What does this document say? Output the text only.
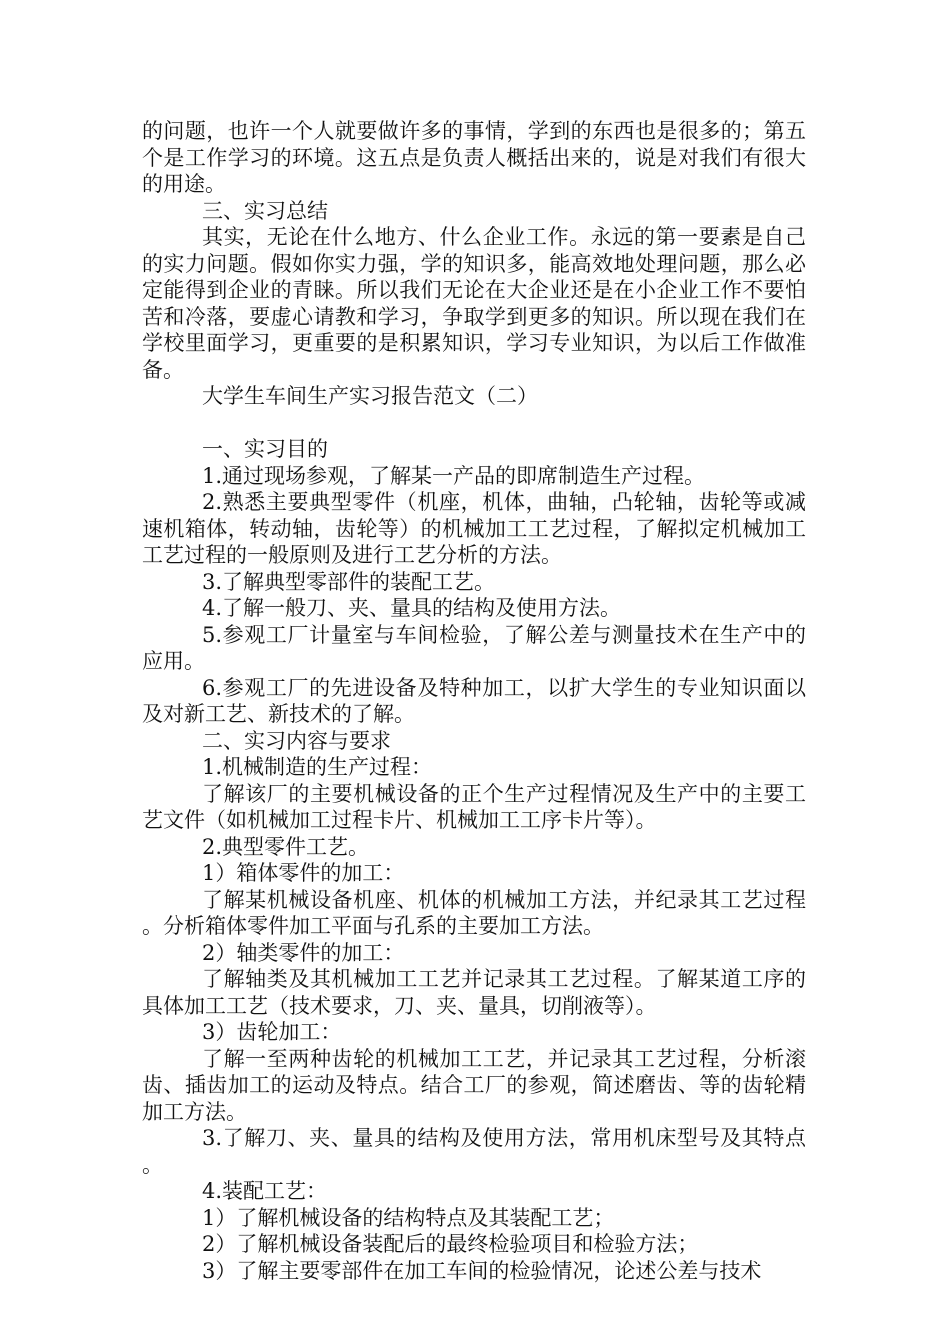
的问题，也许一个人就要做许多的事情，学到的东西也是很多的；第五个是工作学习的环境。这五点是负责人概括出来的，说是对我们有很大的用途。

三、实习总结

其实，无论在什么地方、什么企业工作。永远的第一要素是自己的实力问题。假如你实力强，学的知识多，能高效地处理问题，那么必定能得到企业的青睐。所以我们无论在大企业还是在小企业工作不要怕苦和冷落，要虚心请教和学习，争取学到更多的知识。所以现在我们在学校里面学习，更重要的是积累知识，学习专业知识，为以后工作做准备。

大学生车间生产实习报告范文（二）

一、实习目的

1.通过现场参观，了解某一产品的即席制造生产过程。

2.熟悉主要典型零件（机座，机体，曲轴，凸轮轴，齿轮等或减速机箱体，转动轴，齿轮等）的机械加工工艺过程，了解拟定机械加工工艺过程的一般原则及进行工艺分析的方法。

3.了解典型零部件的装配工艺。

4.了解一般刀、夹、量具的结构及使用方法。

5.参观工厂计量室与车间检验，了解公差与测量技术在生产中的应用。

6.参观工厂的先进设备及特种加工，以扩大学生的专业知识面以及对新工艺、新技术的了解。

二、实习内容与要求

1.机械制造的生产过程：

了解该厂的主要机械设备的正个生产过程情况及生产中的主要工艺文件（如机械加工过程卡片、机械加工工序卡片等）。

2.典型零件工艺。

1）箱体零件的加工：

了解某机械设备机座、机体的机械加工方法，并纪录其工艺过程。分析箱体零件加工平面与孔系的主要加工方法。

2）轴类零件的加工：

了解轴类及其机械加工工艺并记录其工艺过程。了解某道工序的具体加工工艺（技术要求，刀、夹、量具，切削液等）。

3）齿轮加工：

了解一至两种齿轮的机械加工工艺，并记录其工艺过程，分析滚齿、插齿加工的运动及特点。结合工厂的参观，简述磨齿、等的齿轮精加工方法。

3.了解刀、夹、量具的结构及使用方法，常用机床型号及其特点。

4.装配工艺：

1）了解机械设备的结构特点及其装配工艺；

2）了解机械设备装配后的最终检验项目和检验方法；

3）了解主要零部件在加工车间的检验情况，论述公差与技术
